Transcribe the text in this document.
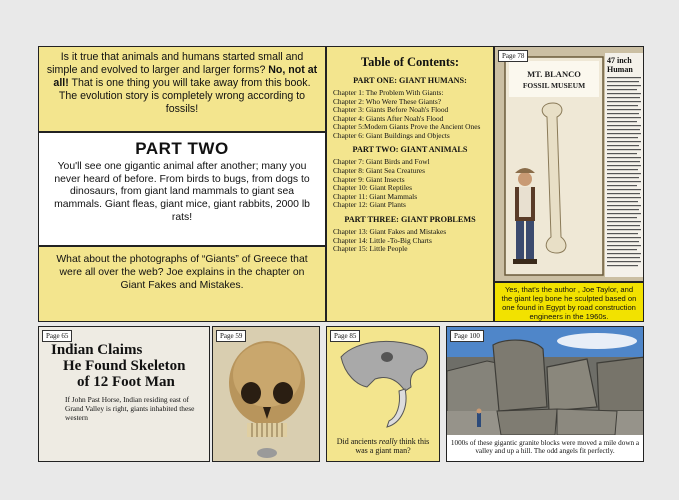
Is it true that animals and humans started small and simple and evolved to larger and larger forms? No, not at all! That is one thing you will take away from this book. The evolution story is completely wrong according to fossils!
PART TWO
You'll see one gigantic animal after another; many you never heard of before. From birds to bugs, from dogs to dinosaurs, from giant land mammals to giant sea mammals. Giant fleas, giant mice, giant rabbits, 2000 lb rats!
What about the photographs of “Giants” of Greece that were all over the web? Joe explains in the chapter on Giant Fakes and Mistakes.
Table of Contents:
PART ONE: GIANT HUMANS:
Chapter 1: The Problem With Giants:
Chapter 2: Who Were These Giants?
Chapter 3: Giants Before Noah's Flood
Chapter 4: Giants After Noah's Flood
Chapter 5:Modern Giants Prove the Ancient Ones
Chapter 6: Giant Buildings and Objects
PART TWO: GIANT ANIMALS
Chapter 7: Giant Birds and Fowl
Chapter 8: Giant Sea Creatures
Chapter 9: Giant Insects
Chapter 10: Giant Reptiles
Chapter 11: Giant Mammals
Chapter 12: Giant Plants
PART THREE: GIANT PROBLEMS
Chapter 13: Giant Fakes and Mistakes
Chapter 14: Little -To-Big Charts
Chapter 15: Little People
MT. BLANCO
FOSSIL MUSEUM
47 inch
Human
Page 78
Yes, that's the author , Joe Taylor, and the giant leg bone he sculpted based on one found in Egypt by road construction engineers in the 1960s.
Page 65
Indian Claims
He Found Skeleton
of 12 Foot Man
If John Past Horse, Indian residing east of Grand Valley is right, giants inhabited these western
Page 59	Page 85
Did ancients really think this was a giant man?
Page 100
1000s of these gigantic granite blocks were moved a mile down a valley and up a hill. The odd angels fit perfectly.
